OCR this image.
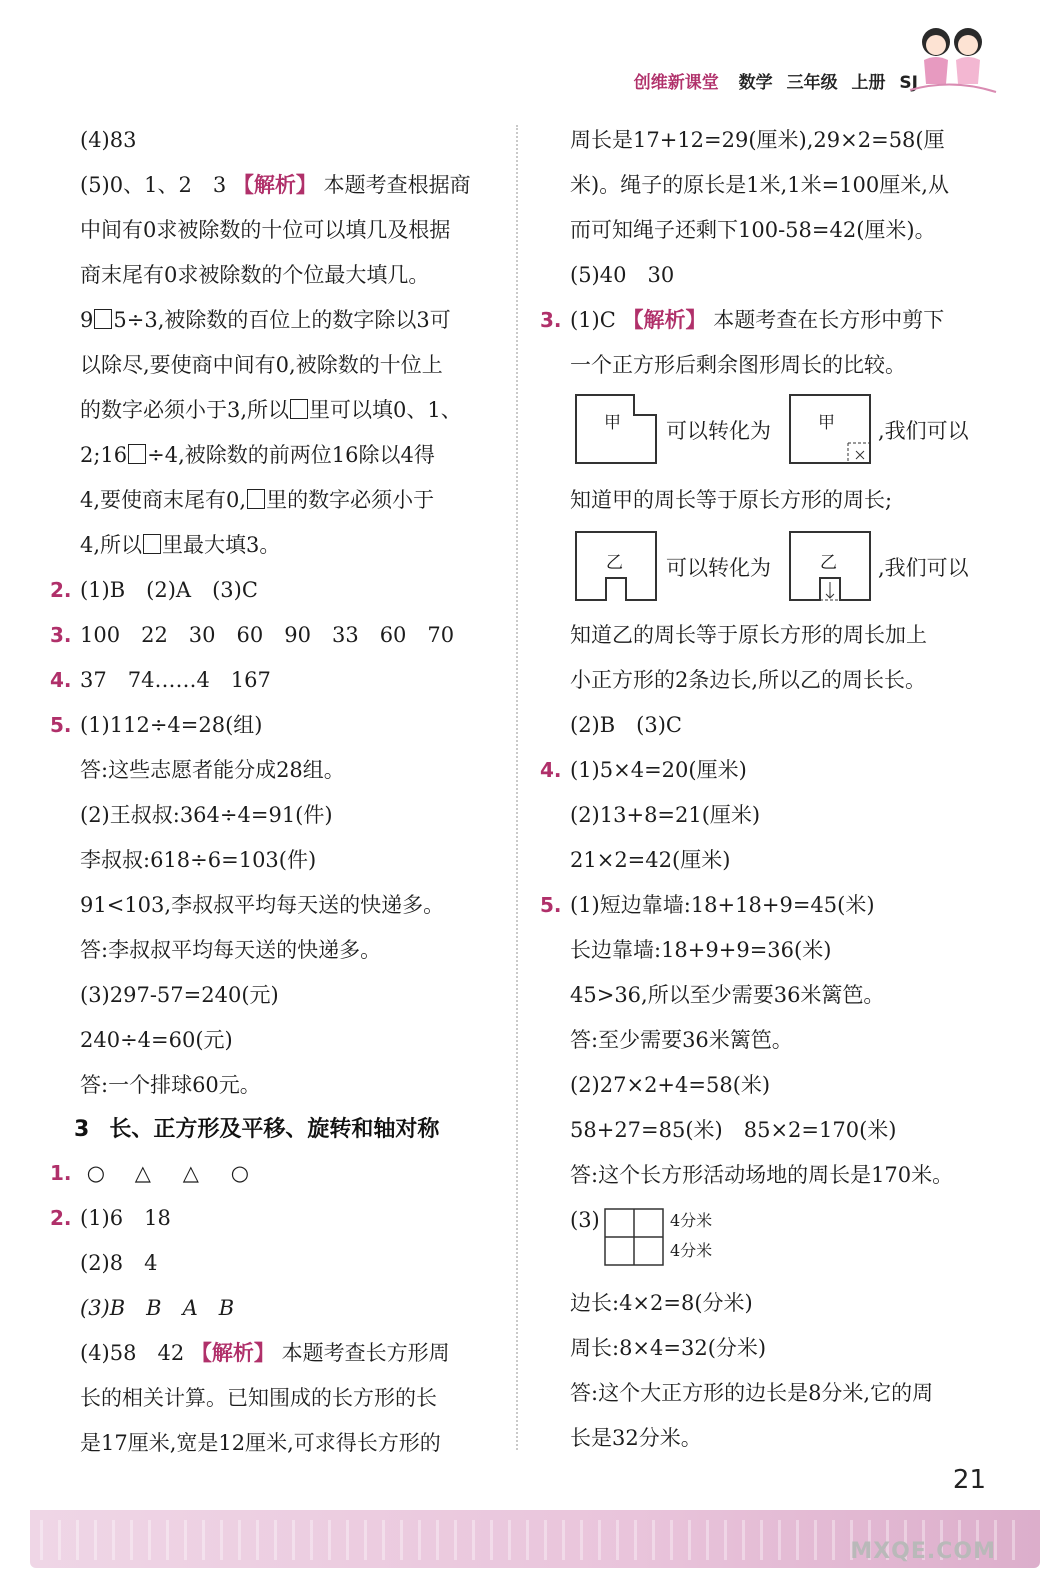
创维新课堂 数学 三年级 上册 SJ
(4)83
(5)0、1、2　3 【解析】 本题考查根据商
中间有0求被除数的十位可以填几及根据
商末尾有0求被除数的个位最大填几。
9 5÷3,被除数的百位上的数字除以3可
以除尽,要使商中间有0,被除数的十位上
的数字必须小于3,所以 里可以填0、1、
2;16 ÷4,被除数的前两位16除以4得
4,要使商末尾有0, 里的数字必须小于
4,所以 里最大填3。
2. (1)B　(2)A　(3)C
3. 100　22　30　60　90　33　60　70
4. 37　74……4　167
5. (1)112÷4=28(组)
答:这些志愿者能分成28组。
(2)王叔叔:364÷4=91(件)
李叔叔:618÷6=103(件)
91<103,李叔叔平均每天送的快递多。
答:李叔叔平均每天送的快递多。
(3)297-57=240(元)
240÷4=60(元)
答:一个排球60元。
3 长、正方形及平移、旋转和轴对称
1. ○ △ △ ○
2. (1)6　18
(2)8　4
(3)B　B　A　B
(4)58　42 【解析】 本题考查长方形周
长的相关计算。已知围成的长方形的长
是17厘米,宽是12厘米,可求得长方形的
周长是17+12=29(厘米),29×2=58(厘
米)。绳子的原长是1米,1米=100厘米,从
而可知绳子还剩下100-58=42(厘米)。
(5)40　30
3. (1)C 【解析】 本题考查在长方形中剪下
一个正方形后剩余图形周长的比较。
甲 可以转化为	甲 ,我们可以
知道甲的周长等于原长方形的周长;
乙 可以转化为	乙 ,我们可以
知道乙的周长等于原长方形的周长加上
小正方形的2条边长,所以乙的周长长。
(2)B　(3)C
4. (1)5×4=20(厘米)
(2)13+8=21(厘米)
21×2=42(厘米)
5. (1)短边靠墙:18+18+9=45(米)
长边靠墙:18+9+9=36(米)
45>36,所以至少需要36米篱笆。
答:至少需要36米篱笆。
(2)27×2+4=58(米)
58+27=85(米)　85×2=170(米)
答:这个长方形活动场地的周长是170米。
(3)	4分米
4分米
边长:4×2=8(分米)
周长:8×4=32(分米)
答:这个大正方形的边长是8分米,它的周
长是32分米。
21
MXQE.COM
